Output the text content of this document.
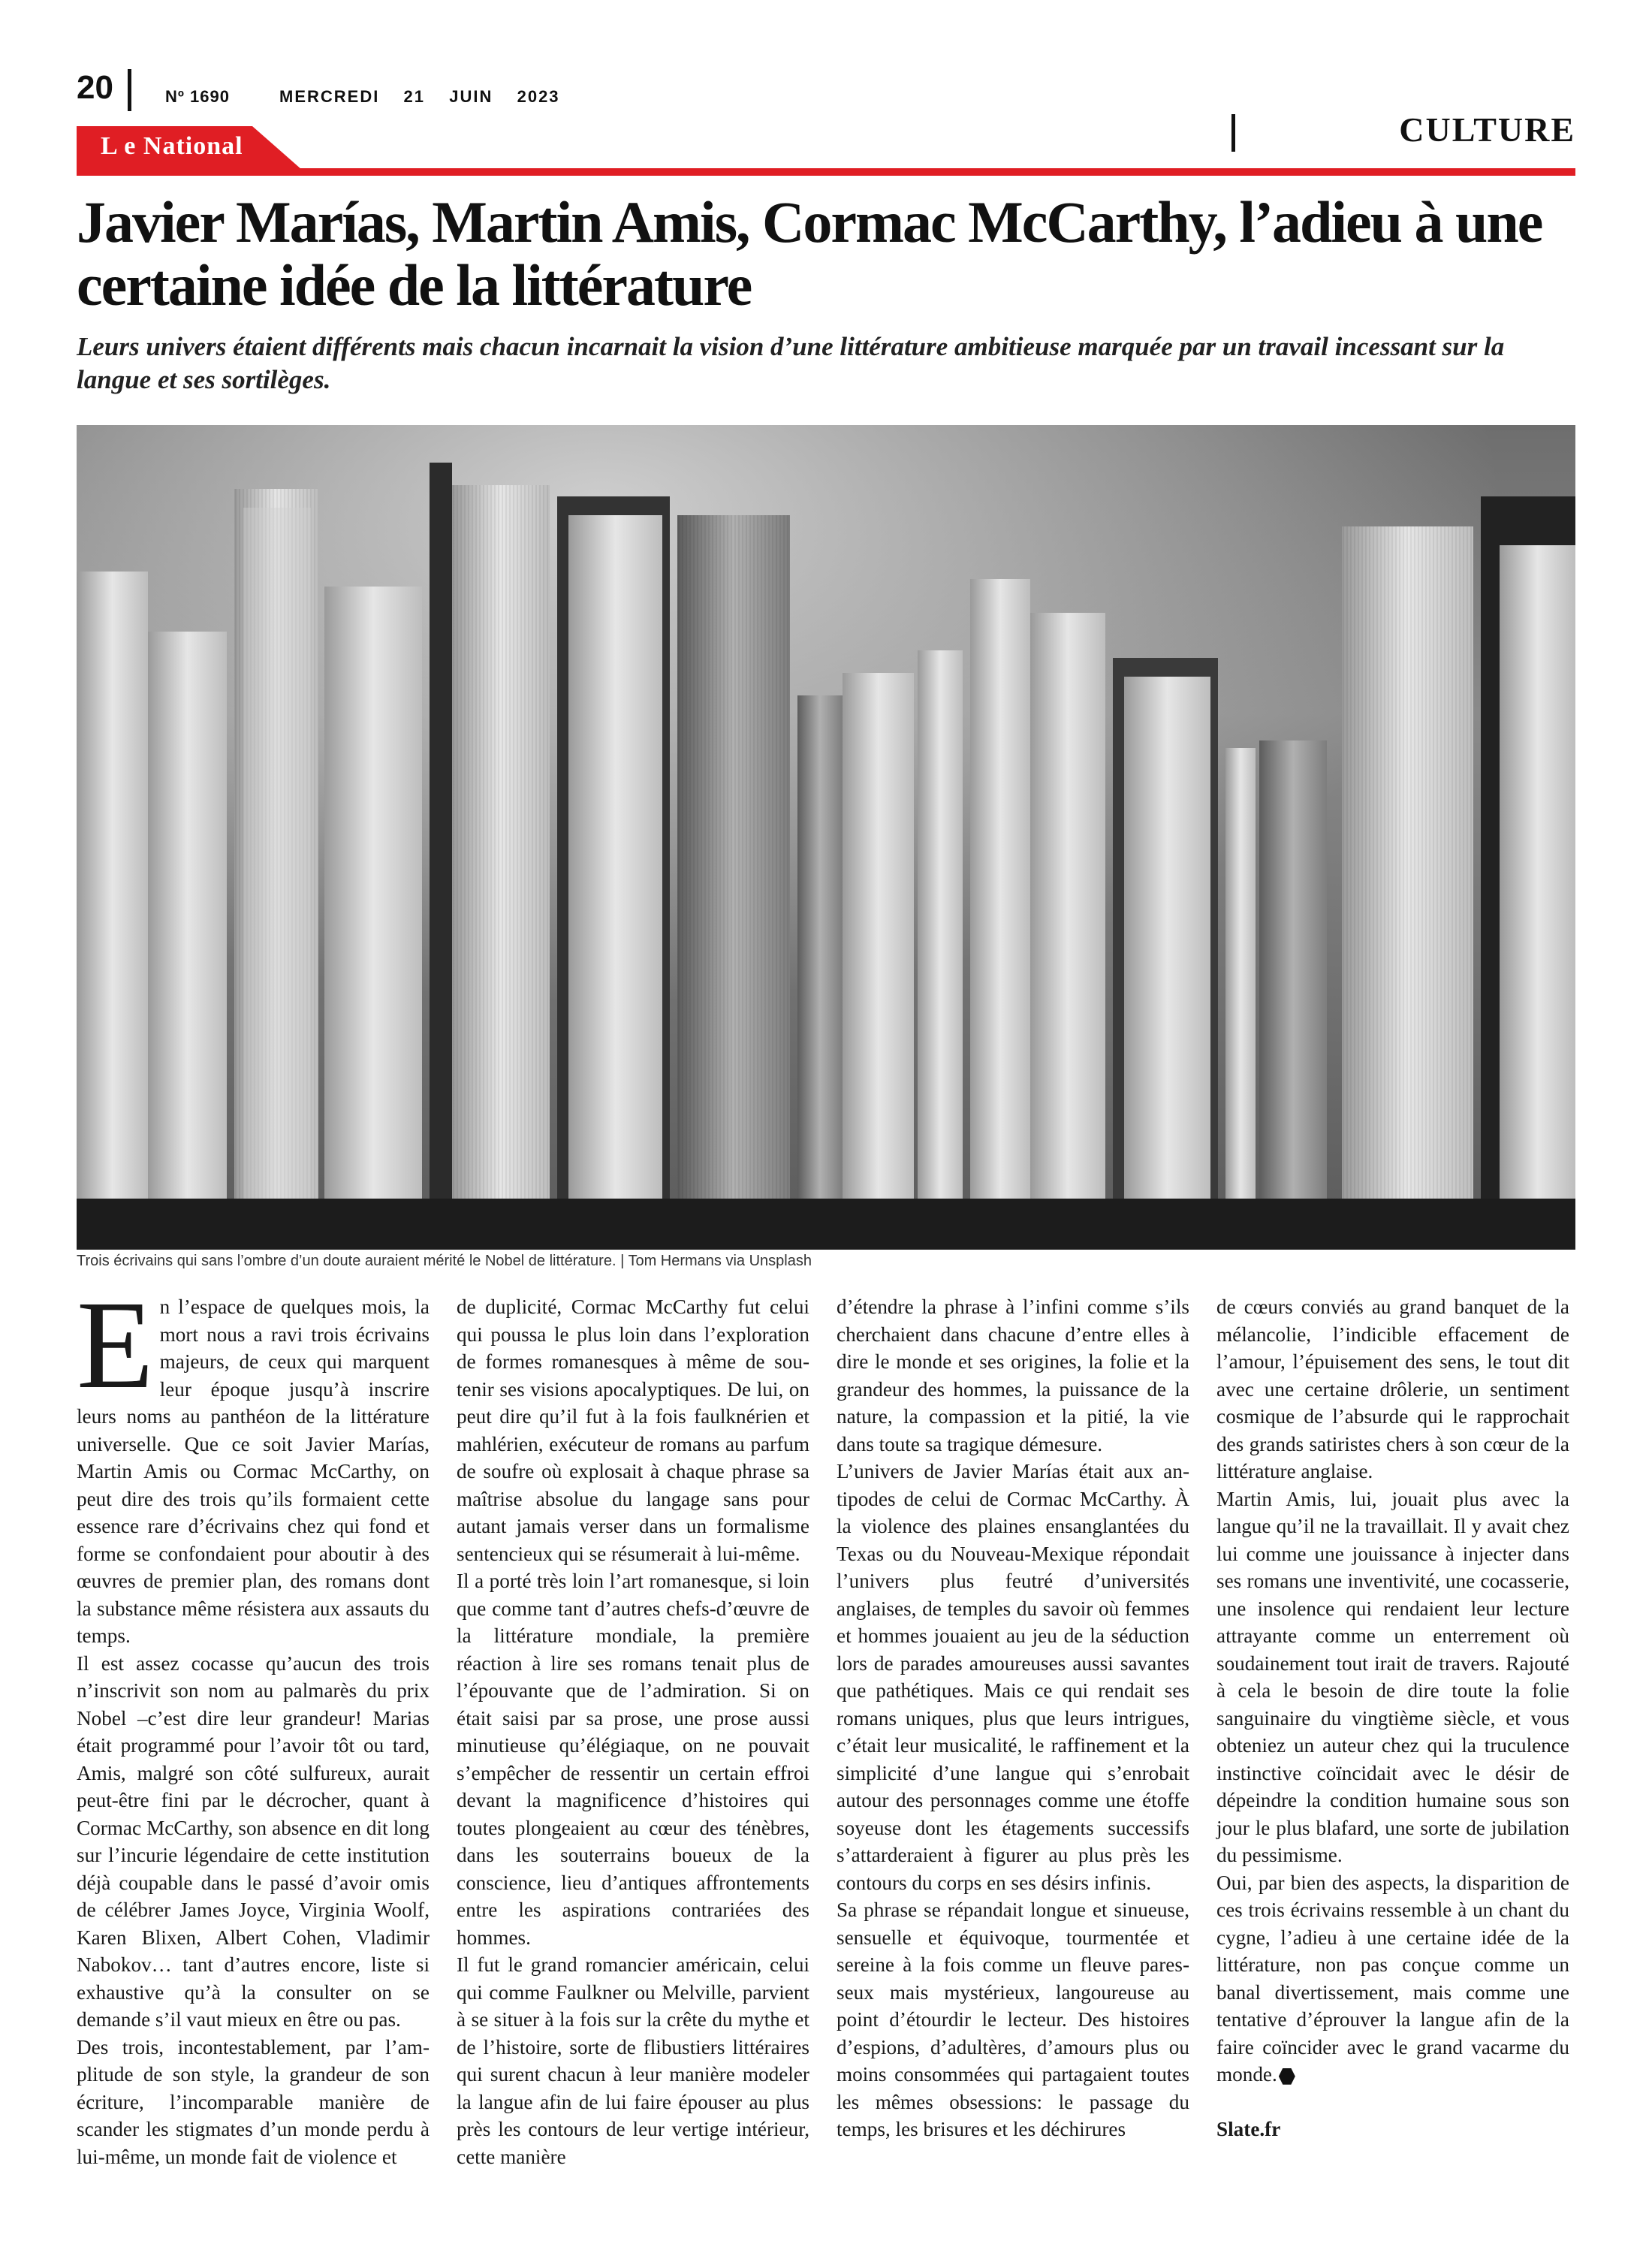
20	Nº 1690	MERCREDI  21  JUIN  2023
L e National	CULTURE
Javier Marías, Martin Amis, Cormac McCarthy, l’adieu à une certaine idée de la littérature

Leurs univers étaient différents mais chacun incarnait la vision d’une littérature ambitieuse marquée par un travail incessant sur la langue et ses sortilèges.

Trois écrivains qui sans l’ombre d’un doute auraient mérité le Nobel de littérature. | Tom Hermans via Unsplash
E n l’espace de quelques mois, la mort nous a ravi trois écrivains majeurs, de ceux qui marquent leur époque jusqu’à inscrire leurs noms au panthéon de la littérature universelle. Que ce soit Javier Marías, Martin Amis ou Cormac McCarthy, on peut dire des trois qu’ils formaient cette essence rare d’écrivains chez qui fond et forme se confondaient pour aboutir à des œuvres de premier plan, des romans dont la substance même résistera aux assauts du temps.

Il est assez cocasse qu’aucun des trois n’inscrivit son nom au palmarès du prix Nobel –c’est dire leur grandeur! Marias était programmé pour l’avoir tôt ou tard, Amis, malgré son côté sulfureux, aurait peut-être fini par le décrocher, quant à Cormac McCarthy, son absence en dit long sur l’incurie légendaire de cette institution déjà coupable dans le passé d’avoir omis de célébrer James Joyce, Virginia Woolf, Karen Blixen, Albert Cohen, Vladimir Nabokov… tant d’autres encore, liste si exhaustive qu’à la consulter on se demande s’il vaut mieux en être ou pas.

Des trois, incontestablement, par l’amplitude de son style, la grandeur de son écriture, l’incomparable manière de scander les stigmates d’un monde perdu à lui-même, un monde fait de violence et

de duplicité, Cormac McCarthy fut celui qui poussa le plus loin dans l’exploration de formes romanesques à même de soutenir ses visions apocalyptiques. De lui, on peut dire qu’il fut à la fois faulknérien et mahlérien, exécuteur de romans au parfum de soufre où explosait à chaque phrase sa maîtrise absolue du langage sans pour autant jamais verser dans un formalisme sentencieux qui se résumerait à lui-même.

Il a porté très loin l’art romanesque, si loin que comme tant d’autres chefs-d’œuvre de la littérature mondiale, la première réaction à lire ses romans tenait plus de l’épouvante que de l’admiration. Si on était saisi par sa prose, une prose aussi minutieuse qu’élégiaque, on ne pouvait s’empêcher de ressentir un certain effroi devant la magnificence d’histoires qui toutes plongeaient au cœur des ténèbres, dans les souterrains boueux de la conscience, lieu d’antiques affrontements entre les aspirations contrariées des hommes.

Il fut le grand romancier américain, celui qui comme Faulkner ou Melville, parvient à se situer à la fois sur la crête du mythe et de l’histoire, sorte de flibustiers littéraires qui surent chacun à leur manière modeler la langue afin de lui faire épouser au plus près les contours de leur vertige intérieur, cette manière

d’étendre la phrase à l’infini comme s’ils cherchaient dans chacune d’entre elles à dire le monde et ses origines, la folie et la grandeur des hommes, la puissance de la nature, la compassion et la pitié, la vie dans toute sa tragique démesure.

L’univers de Javier Marías était aux antipodes de celui de Cormac McCarthy. À la violence des plaines ensanglantées du Texas ou du Nouveau-Mexique répondait l’univers plus feutré d’universités anglaises, de temples du savoir où femmes et hommes jouaient au jeu de la séduction lors de parades amoureuses aussi savantes que pathétiques. Mais ce qui rendait ses romans uniques, plus que leurs intrigues, c’était leur musicalité, le raffinement et la simplicité d’une langue qui s’enrobait autour des personnages comme une étoffe soyeuse dont les étagements successifs s’attarderaient à figurer au plus près les contours du corps en ses désirs infinis.

Sa phrase se répandait longue et sinueuse, sensuelle et équivoque, tourmentée et sereine à la fois comme un fleuve paresseux mais mystérieux, langoureuse au point d’étourdir le lecteur. Des histoires d’espions, d’adultères, d’amours plus ou moins consommées qui partagaient toutes les mêmes obsessions: le passage du temps, les brisures et les déchirures

de cœurs conviés au grand banquet de la mélancolie, l’indicible effacement de l’amour, l’épuisement des sens, le tout dit avec une certaine drôlerie, un sentiment cosmique de l’absurde qui le rapprochait des grands satiristes chers à son cœur de la littérature anglaise.

Martin Amis, lui, jouait plus avec la langue qu’il ne la travaillait. Il y avait chez lui comme une jouissance à injecter dans ses romans une inventivité, une cocasserie, une insolence qui rendaient leur lecture attrayante comme un enterrement où soudainement tout irait de travers. Rajouté à cela le besoin de dire toute la folie sanguinaire du vingtième siècle, et vous obteniez un auteur chez qui la truculence instinctive coïncidait avec le désir de dépeindre la condition humaine sous son jour le plus blafard, une sorte de jubilation du pessimisme.

Oui, par bien des aspects, la disparition de ces trois écrivains ressemble à un chant du cygne, l’adieu à une certaine idée de la littérature, non pas conçue comme un banal divertissement, mais comme une tentative d’éprouver la langue afin de la faire coïncider avec le grand vacarme du monde.

Slate.fr
